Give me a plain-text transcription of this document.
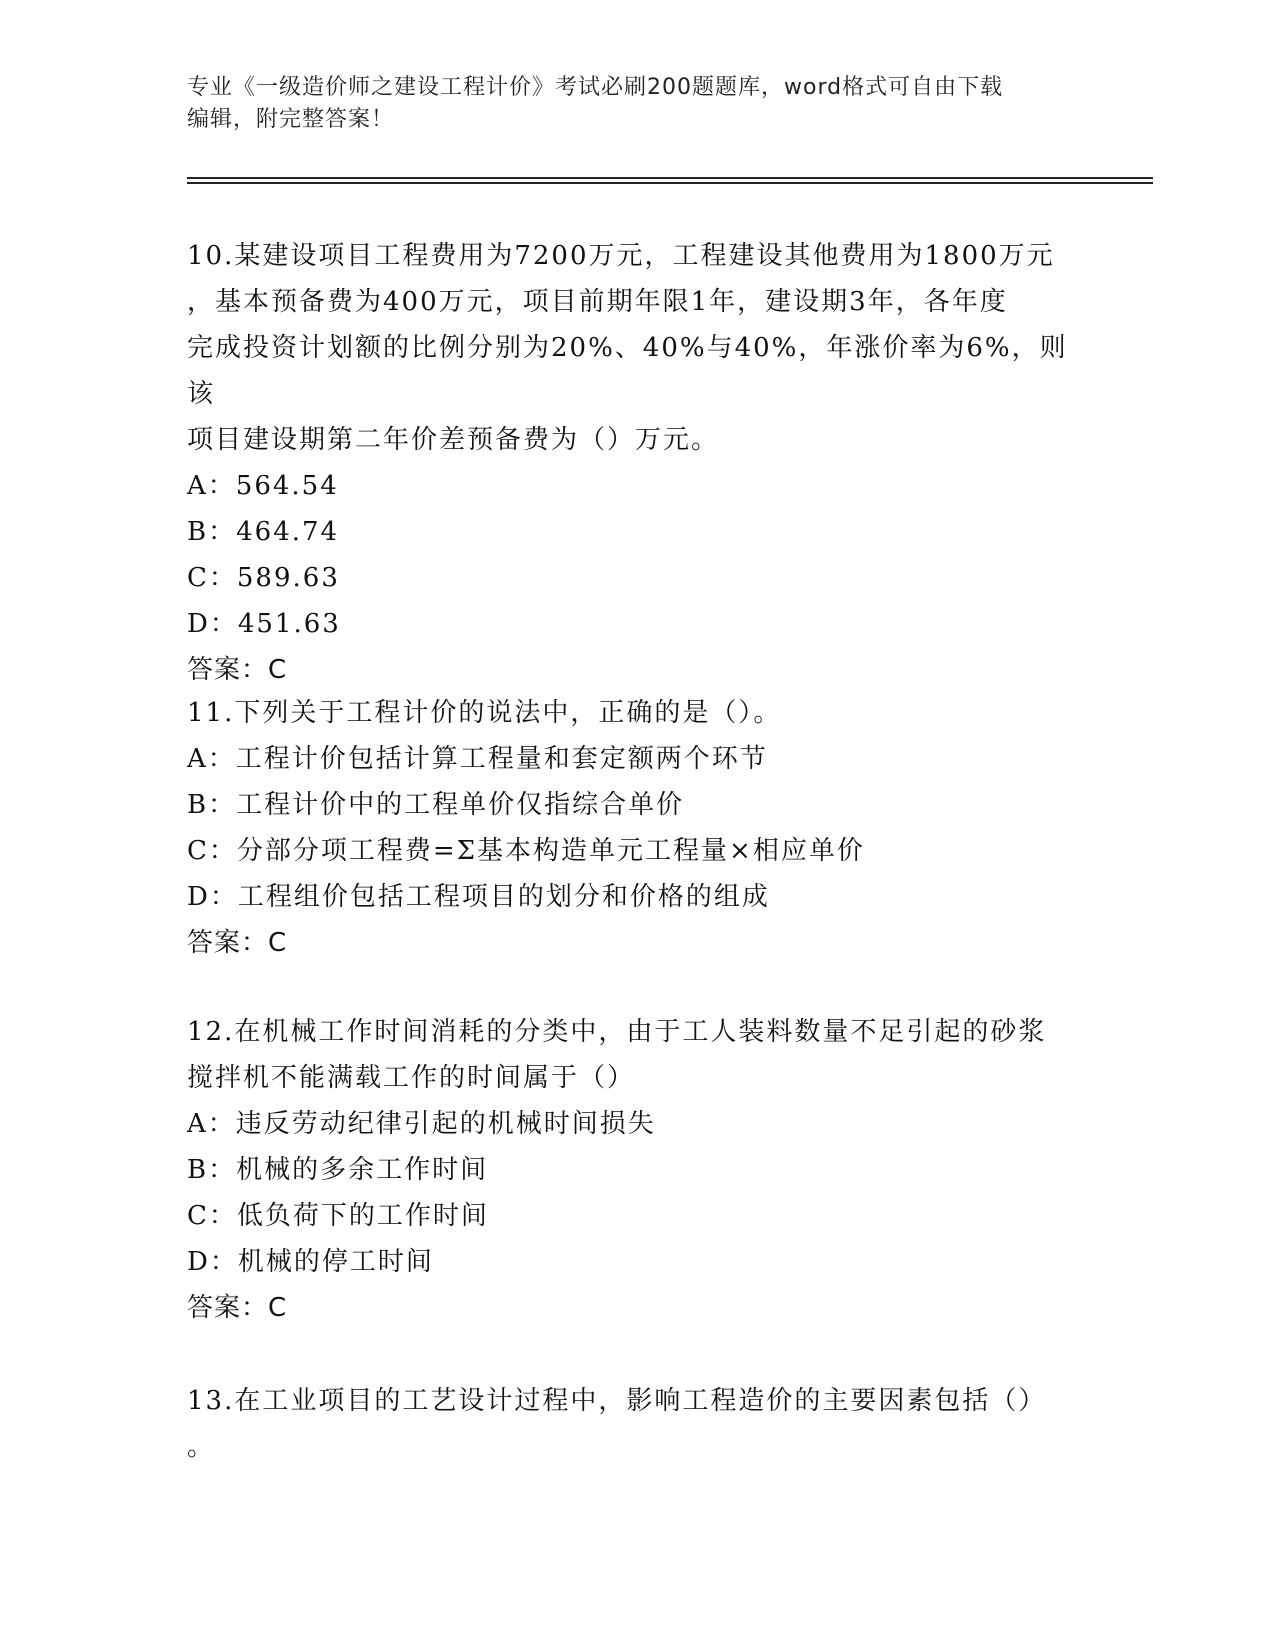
专业《一级造价师之建设工程计价》考试必刷200题题库，word格式可自由下载
编辑，附完整答案！

10.某建设项目工程费用为7200万元，工程建设其他费用为1800万元

，基本预备费为400万元，项目前期年限1年，建设期3年，各年度

完成投资计划额的比例分别为20%、40%与40%，年涨价率为6%，则该

项目建设期第二年价差预备费为（）万元。

A：564.54

B：464.74

C：589.63

D：451.63

答案：C

11.下列关于工程计价的说法中，正确的是（）。

A：工程计价包括计算工程量和套定额两个环节

B：工程计价中的工程单价仅指综合单价

C：分部分项工程费=Σ基本构造单元工程量×相应单价

D：工程组价包括工程项目的划分和价格的组成

答案：C

12.在机械工作时间消耗的分类中，由于工人装料数量不足引起的砂浆

搅拌机不能满载工作的时间属于（）

A：违反劳动纪律引起的机械时间损失

B：机械的多余工作时间

C：低负荷下的工作时间

D：机械的停工时间

答案：C

13.在工业项目的工艺设计过程中，影响工程造价的主要因素包括（）

。
